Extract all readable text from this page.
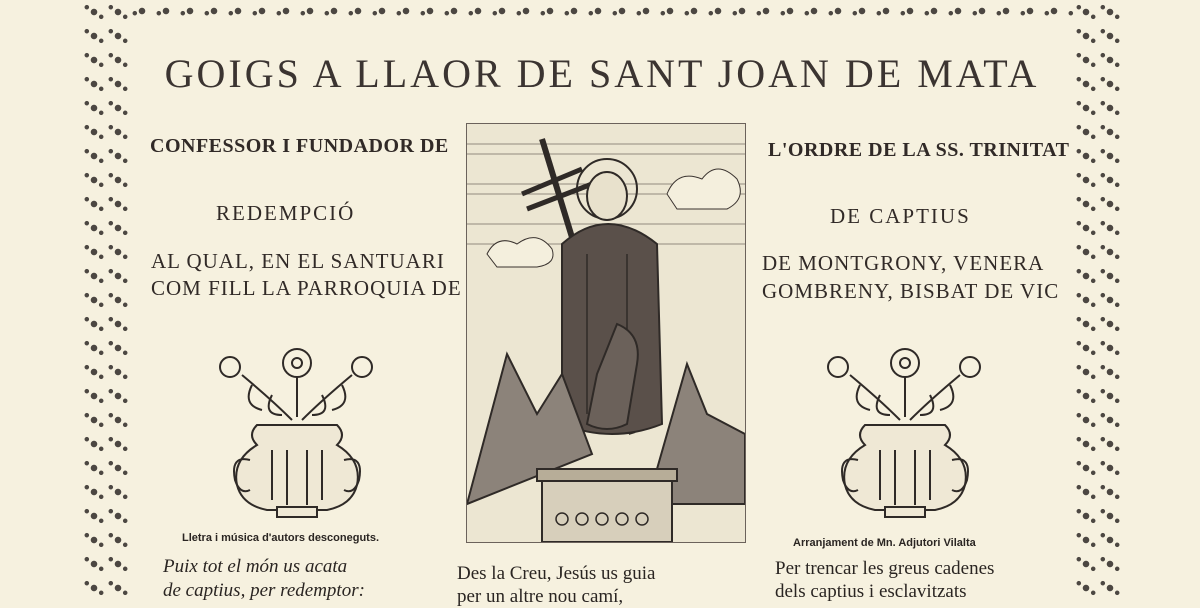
GOIGS A LLAOR DE SANT JOAN DE MATA
CONFESSOR I FUNDADOR DE	L'ORDRE DE LA SS. TRINITAT
REDEMPCIÓ	DE CAPTIUS
AL QUAL, EN EL SANTUARI
COM FILL LA PARROQUIA DE
DE MONTGRONY, VENERA
GOMBRENY, BISBAT DE VIC
Lletra i música d'autors desconeguts.	Arranjament de Mn. Adjutori Vilalta
Puix tot el món us acata
de captius, per redemptor:
Des la Creu, Jesús us guia
per un altre nou camí,
Per trencar les greus cadenes
dels captius i esclavitzats
